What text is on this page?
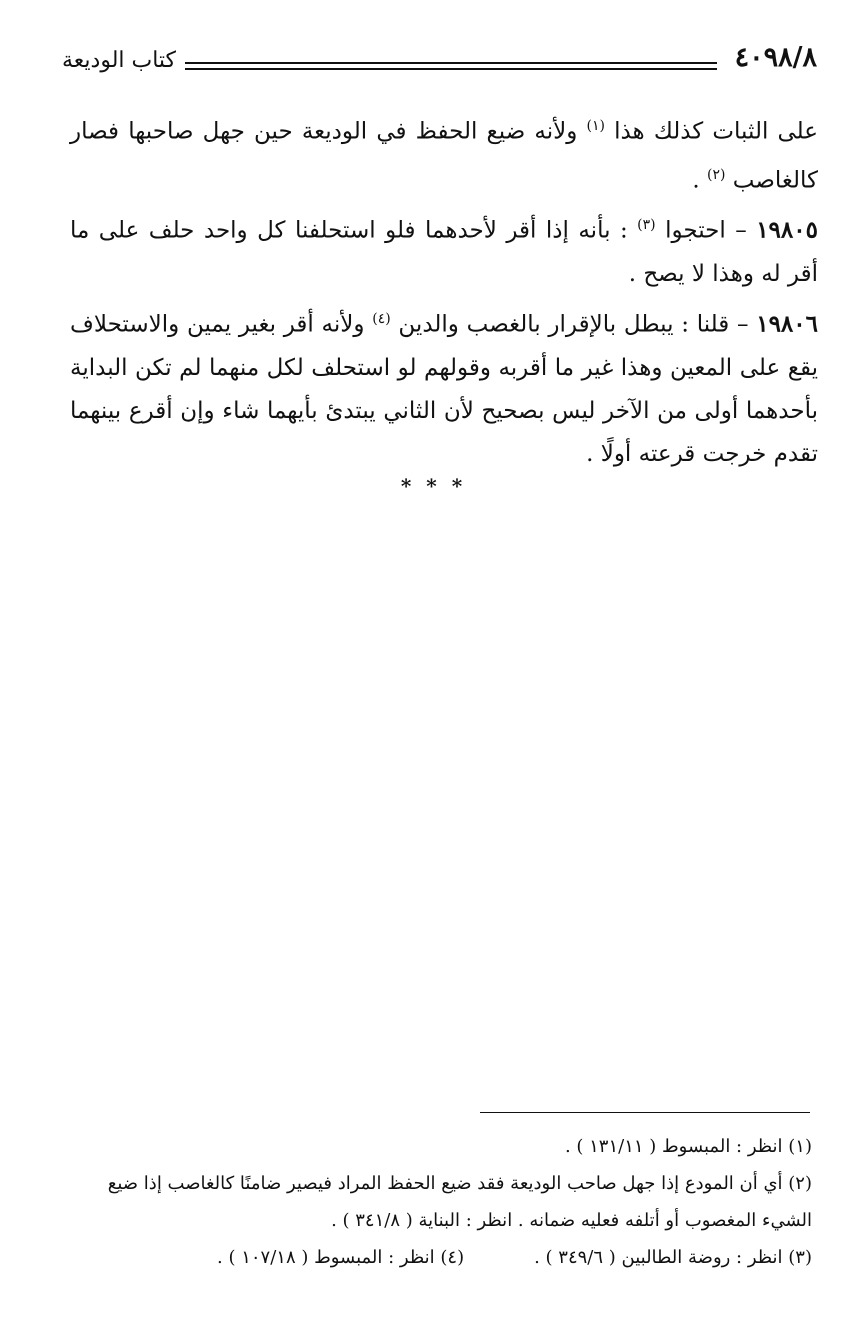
كتاب الوديعة	٤٠٩٨/٨

على الثبات كذلك هذا $^{(١)}$ ولأنه ضيع الحفظ في الوديعة حين جهل صاحبها فصار كالغاصب $^{(٢)}$ .

١٩٨٠٥ – احتجوا $^{(٣)}$ : بأنه إذا أقر لأحدهما فلو استحلفنا كل واحد حلف على ما أقر له وهذا لا يصح .

١٩٨٠٦ – قلنا : يبطل بالإقرار بالغصب والدين $^{(٤)}$ ولأنه أقر بغير يمين والاستحلاف يقع على المعين وهذا غير ما أقربه وقولهم لو استحلف لكل منهما لم تكن البداية بأحدهما أولى من الآخر ليس بصحيح لأن الثاني يبتدئ بأيهما شاء وإن أقرع بينهما تقدم خرجت قرعته أولًا .

* * *

(١) انظر : المبسوط ( ١٣١/١١ ) .

(٢) أي أن المودع إذا جهل صاحب الوديعة فقد ضيع الحفظ المراد فيصير ضامنًا كالغاصب إذا ضيع الشيء المغصوب أو أتلفه فعليه ضمانه . انظر : البناية ( ٣٤١/٨ ) .

(٣) انظر : روضة الطالبين ( ٣٤٩/٦ ) .(٤) انظر : المبسوط ( ١٠٧/١٨ ) .
